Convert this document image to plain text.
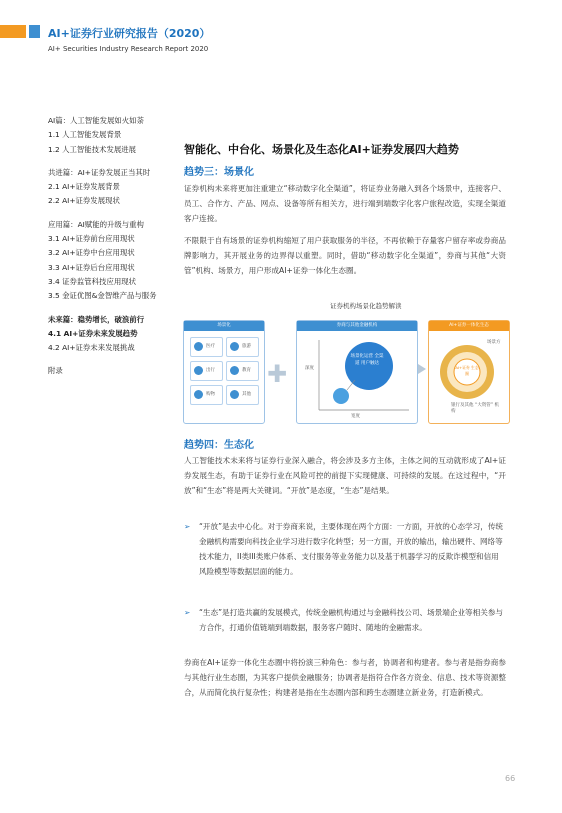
AI+证券行业研究报告（2020）
AI+ Securities Industry Research Report 2020
AI篇：人工智能发展如火如荼
1.1 人工智能发展背景
1.2 人工智能技术发展进展
共进篇：AI+证券发展正当其时
2.1 AI+证券发展背景
2.2 AI+证券发展现状
应用篇：AI赋能的升级与重构
3.1 AI+证券前台应用现状
3.2 AI+证券中台应用现状
3.3 AI+证券后台应用现状
3.4 证券监管科技应用现状
3.5 金证优图&金智维产品与服务
未来篇：稳势增长，破浪前行
4.1 AI+证券未来发展趋势
4.2 AI+证券未来发展挑战
附录
智能化、中台化、场景化及生态化AI+证券发展四大趋势
趋势三：场景化
证券机构未来将更加注重建立“移动数字化全渠道”，将证券业务融入到各个场景中，连接客户、员工、合作方、产品、网点、设备等所有相关方，进行端到端数字化客户旅程改造，实现全渠道客户连接。
不限限于自有场景的证券机构缩短了用户获取服务的半径，不再依赖于存量客户留存率或券商品牌影响力，其开展业务的边界得以重塑。同时，借助“移动数字化全渠道”，券商与其他“大资管”机构、场景方，用户形成AI+证券一体化生态圈。
证券机构场景化趋势解读
场景化
医疗	旅游
出行	教育
购物	其他
✚
券商与其他金融机构
场景化运营 全渠道 用户触达
深度
宽度
AI+证券一体化生态
AI+证券 生态圈
场景方
银行及其他 “大资管” 机构
趋势四：生态化
人工智能技术未来将与证券行业深入融合，将会涉及多方主体，主体之间的互动就形成了AI+证券发展生态，有助于证券行业在风险可控的前提下实现健康、可持续的发展。在这过程中，“开放”和“生态”将是两大关键词。“开放”是态度，“生态”是结果。
➢ “开放”是去中心化。对于券商来说，主要体现在两个方面：一方面，开放的心态学习，传统金融机构需要向科技企业学习进行数字化转型；另一方面，开放的输出，输出硬件、网络等技术能力，II类III类账户体系、支付服务等业务能力以及基于机器学习的反欺诈模型和信用风险模型等数据层面的能力。
➢ “生态”是打造共赢的发展模式，传统金融机构通过与金融科技公司、场景端企业等相关参与方合作，打通价值链端到端数据，服务客户随时、随地的金融需求。
券商在AI+证券一体化生态圈中将扮演三种角色：参与者，协调者和构建者。参与者是指券商参与其他行业生态圈，为其客户提供金融服务；协调者是指符合作各方资金、信息、技术等资源整合，从而简化执行复杂性；构建者是指在生态圈内部和跨生态圈建立新业务，打造新模式。
66
